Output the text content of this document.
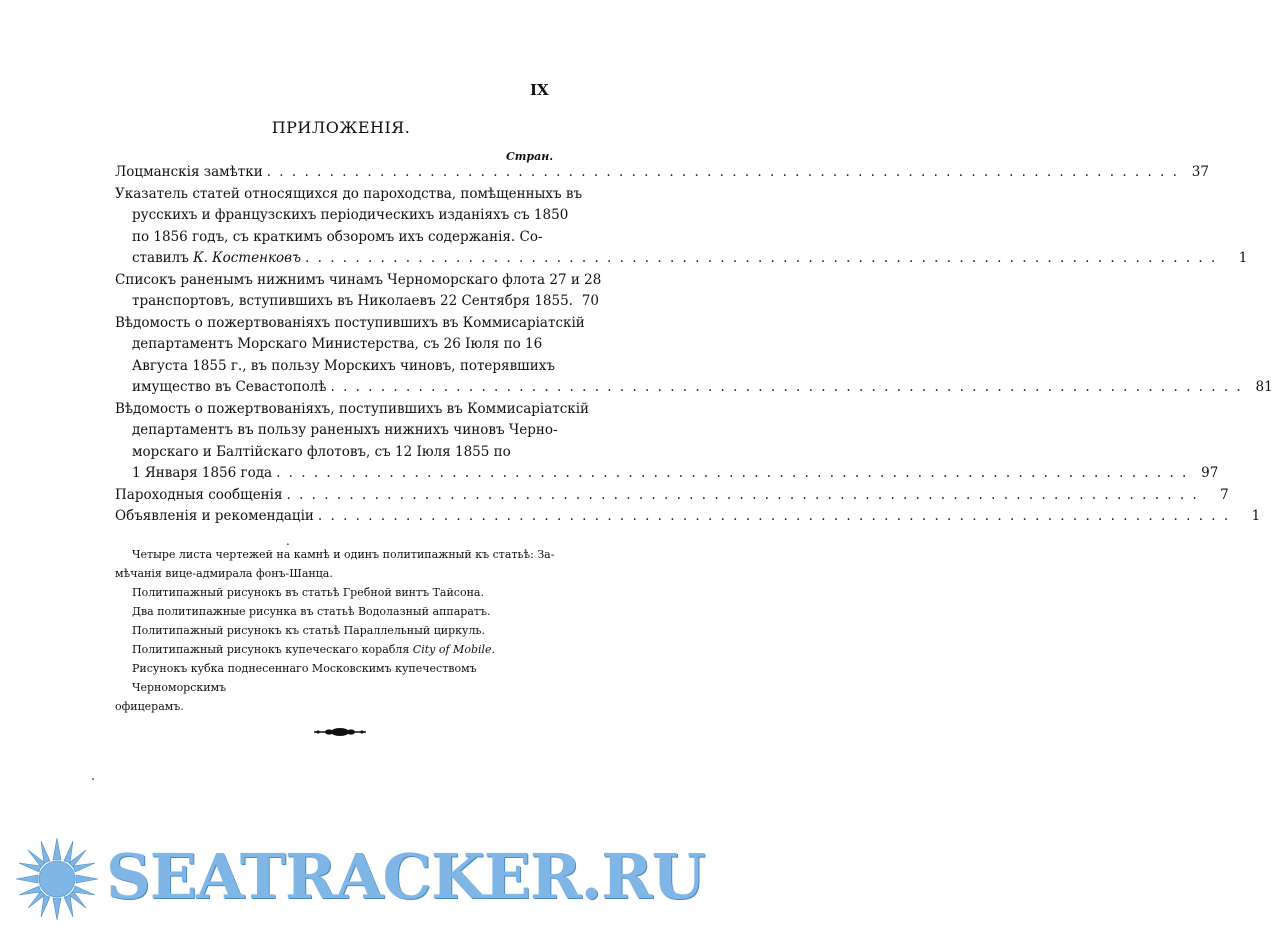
IX
ПРИЛОЖЕНІЯ.
Стран.
Лоцманскія замѣтки . . .	37
Указатель статей относящихся до пароходства, помѣщенныхъ въ
русскихъ и французскихъ періодическихъ изданіяхъ съ 1850
по 1856 годъ, съ краткимъ обзоромъ ихъ содержанія. Со-
ставилъ К. Костенковъ . . .	1
Списокъ раненымъ нижнимъ чинамъ Черноморскаго флота 27 и 28
транспортовъ, вступившихъ въ Николаевъ 22 Сентября 1855. 70
Вѣдомость о пожертвованіяхъ поступившихъ въ Коммисаріатскій
департаментъ Морскаго Министерства, съ 26 Іюля по 16
Августа 1855 г., въ пользу Морскихъ чиновъ, потерявшихъ
имущество въ Севастополѣ . . .	81
Вѣдомость о пожертвованіяхъ, поступившихъ въ Коммисаріатскій
департаментъ въ пользу раненыхъ нижнихъ чиновъ Черно-
морскаго и Балтійскаго флотовъ, съ 12 Іюля 1855 по
1 Января 1856 года . . .	97
Пароходныя сообщенія . . .	7
Объявленія и рекомендаціи . . .	1
.

Четыре листа чертежей на камнѣ и одинъ политипажный къ статьѣ: За-

мѣчанія вице-адмирала фонъ-Шанца.

Политипажный рисунокъ въ статьѣ Гребной винтъ Тайсона.

Два политипажные рисунка въ статьѣ Водолазный аппаратъ.

Политипажный рисунокъ къ статьѣ Параллельный циркуль.

Политипажный рисунокъ купеческаго корабля City of Mobile.

Рисунокъ кубка поднесеннаго Московскимъ купечествомъ Черноморскимъ

офицерамъ.

SEATRACKER.RU
